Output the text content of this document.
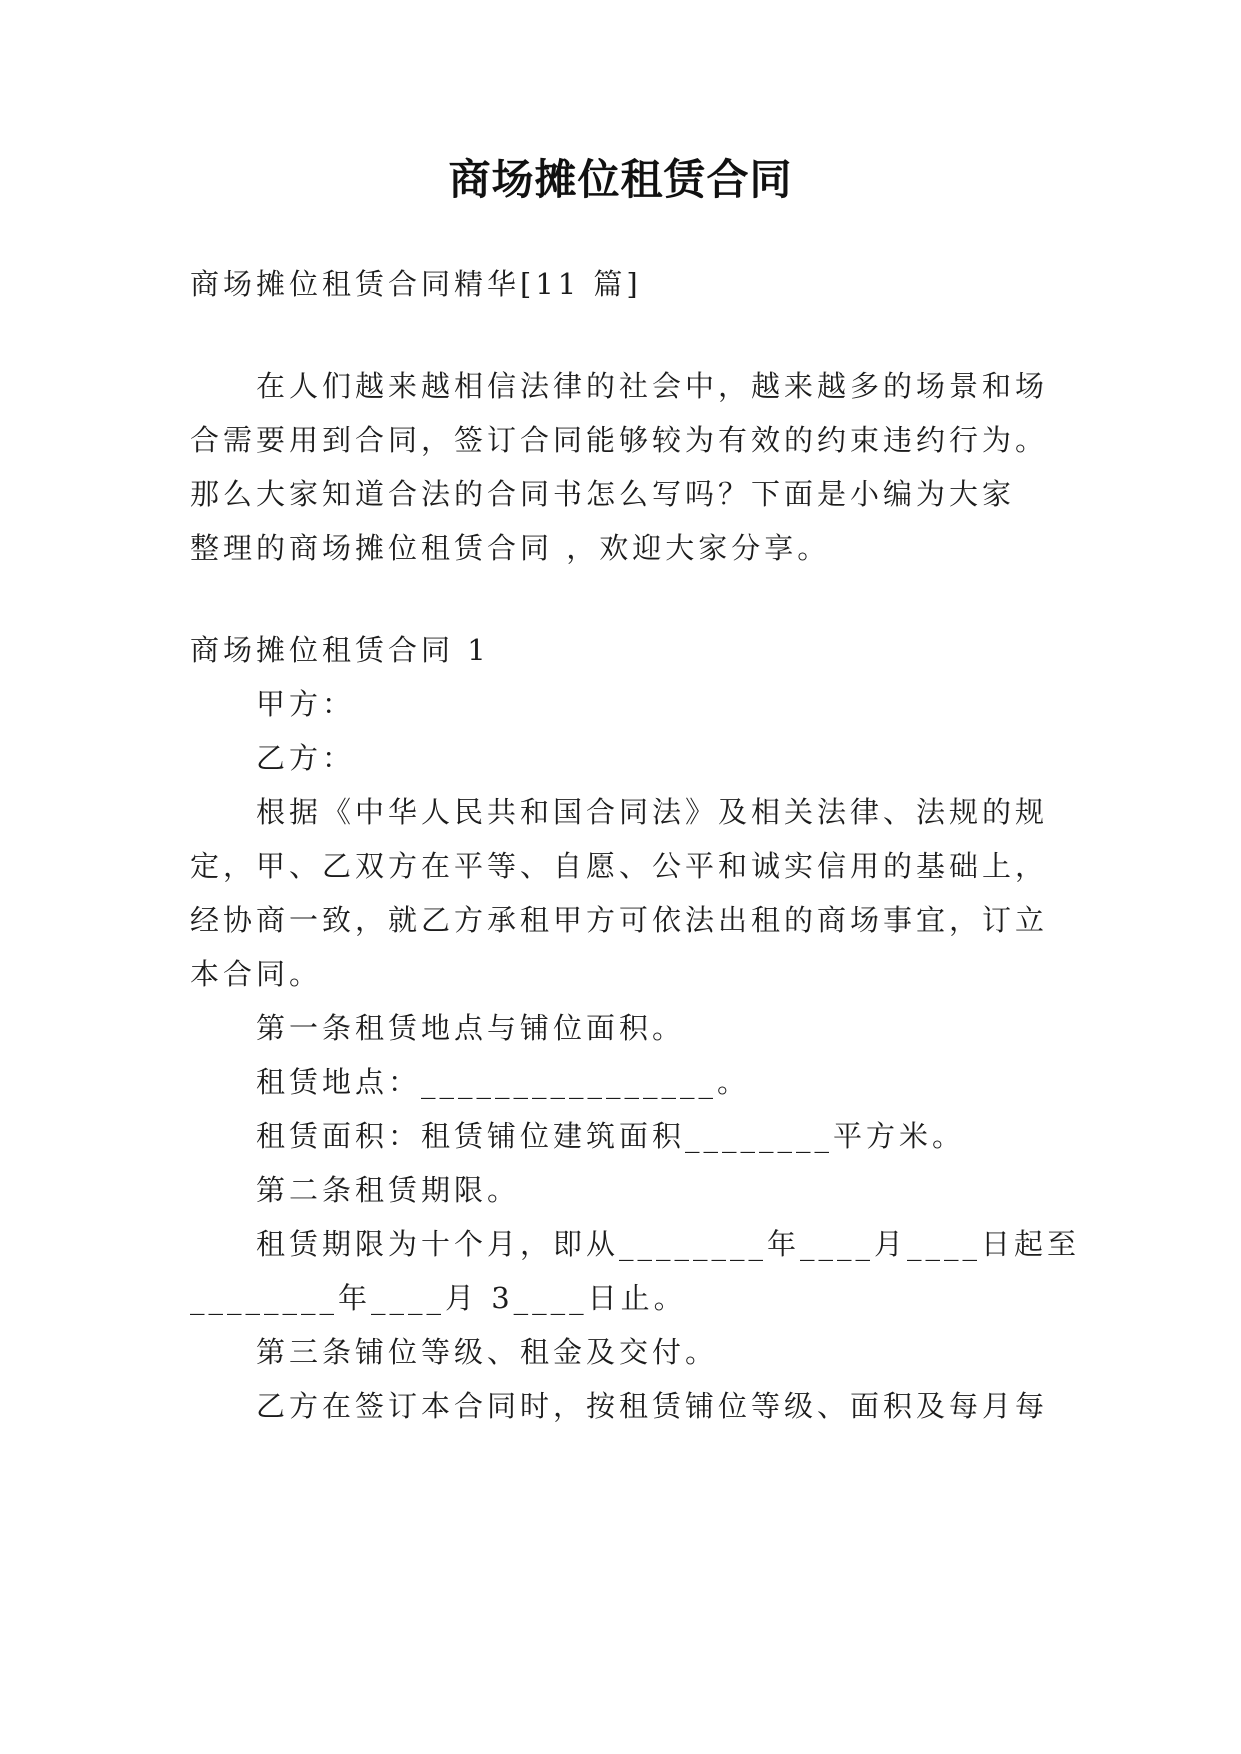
商场摊位租赁合同
商场摊位租赁合同精华[11 篇]
在人们越来越相信法律的社会中，越来越多的场景和场
合需要用到合同，签订合同能够较为有效的约束违约行为。
那么大家知道合法的合同书怎么写吗？下面是小编为大家
整理的商场摊位租赁合同 ，欢迎大家分享。
商场摊位租赁合同 1
甲方：
乙方：
根据《中华人民共和国合同法》及相关法律、法规的规
定，甲、乙双方在平等、自愿、公平和诚实信用的基础上，
经协商一致，就乙方承租甲方可依法出租的商场事宜，订立
本合同。
第一条租赁地点与铺位面积。
租赁地点：________________。
租赁面积：租赁铺位建筑面积________平方米。
第二条租赁期限。
租赁期限为十个月，即从________年____月____日起至
________年____月 3____日止。
第三条铺位等级、租金及交付。
乙方在签订本合同时，按租赁铺位等级、面积及每月每
